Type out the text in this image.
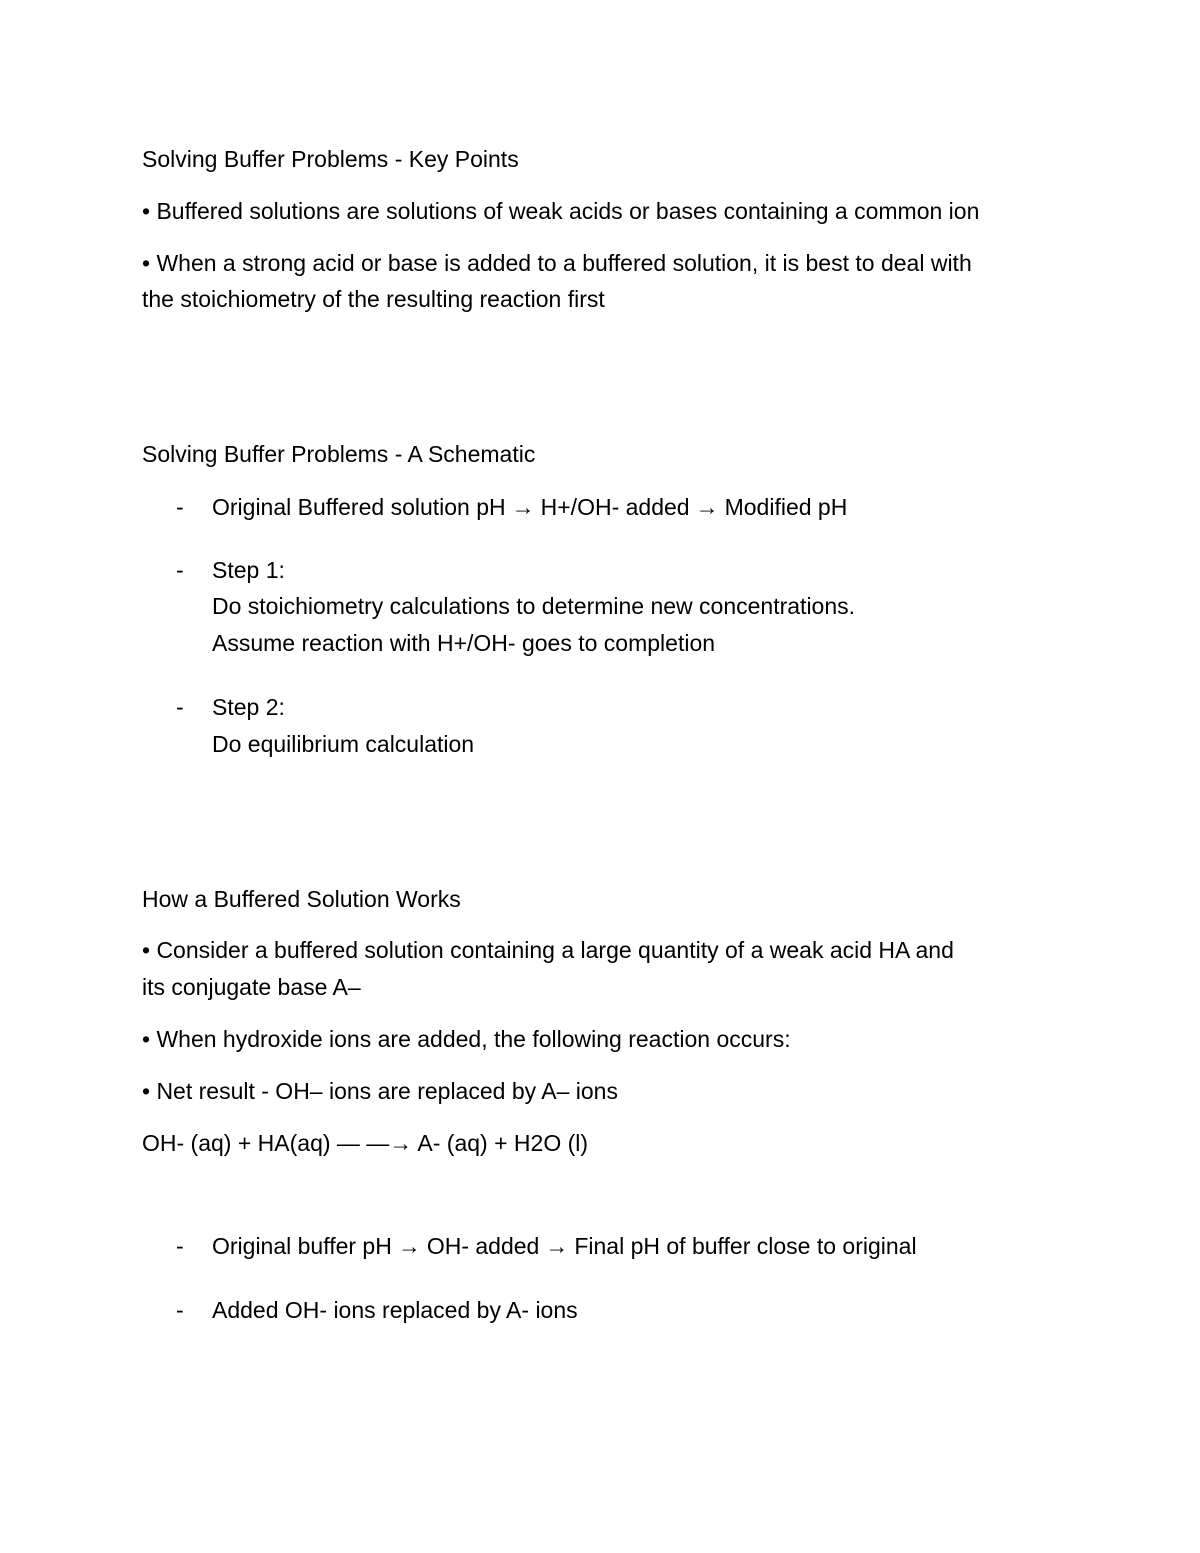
Solving Buffer Problems - Key Points
• Buffered solutions are solutions of weak acids or bases containing a common ion
• When a strong acid or base is added to a buffered solution, it is best to deal with
the stoichiometry of the resulting reaction first
Solving Buffer Problems - A Schematic
- Original Buffered solution pH → H+/OH- added → Modified pH
- Step 1:
Do stoichiometry calculations to determine new concentrations.
Assume reaction with H+/OH- goes to completion
- Step 2:
Do equilibrium calculation
How a Buffered Solution Works
• Consider a buffered solution containing a large quantity of a weak acid HA and
its conjugate base A–
• When hydroxide ions are added, the following reaction occurs:
• Net result - OH– ions are replaced by A– ions
OH- (aq) + HA(aq) — —→ A- (aq) + H2O (l)
- Original buffer pH → OH- added → Final pH of buffer close to original
- Added OH- ions replaced by A- ions
